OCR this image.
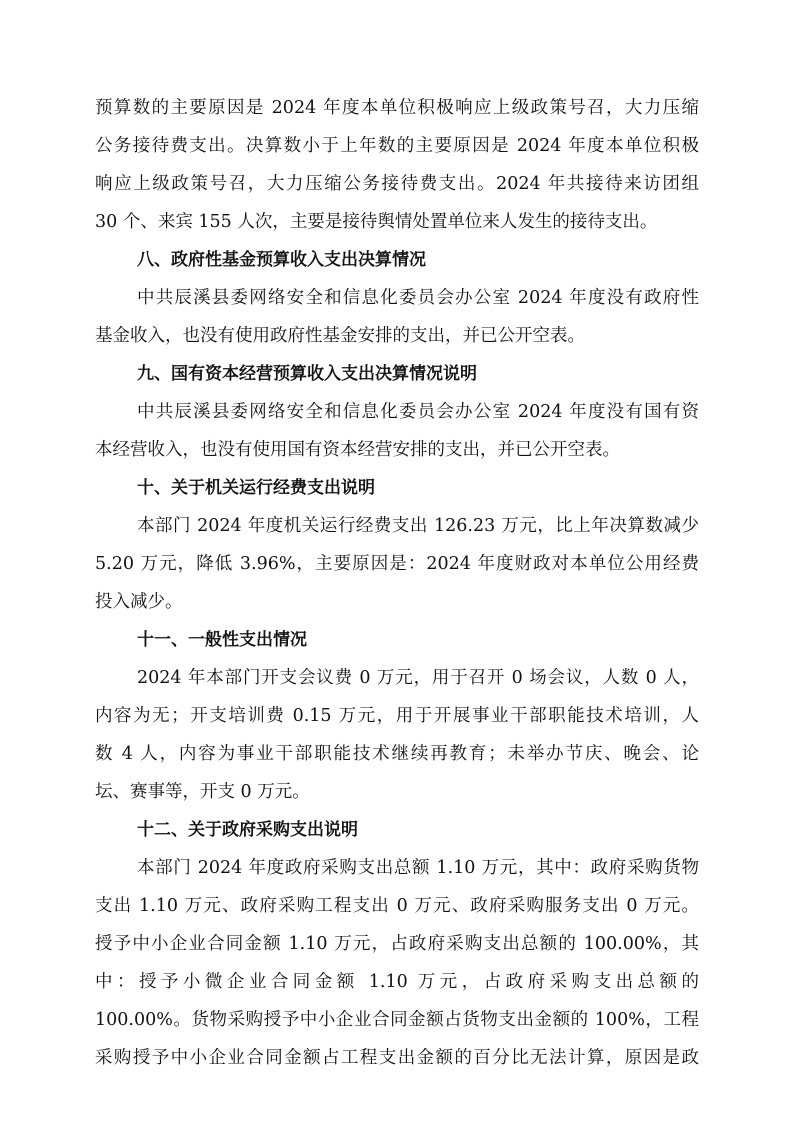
预算数的主要原因是 2024 年度本单位积极响应上级政策号召，大力压缩
公务接待费支出。决算数小于上年数的主要原因是 2024 年度本单位积极
响应上级政策号召，大力压缩公务接待费支出。2024 年共接待来访团组
30 个、来宾 155 人次，主要是接待舆情处置单位来人发生的接待支出。
八、政府性基金预算收入支出决算情况
中共辰溪县委网络安全和信息化委员会办公室 2024 年度没有政府性
基金收入，也没有使用政府性基金安排的支出，并已公开空表。
九、国有资本经营预算收入支出决算情况说明
中共辰溪县委网络安全和信息化委员会办公室 2024 年度没有国有资
本经营收入，也没有使用国有资本经营安排的支出，并已公开空表。
十、关于机关运行经费支出说明
本部门 2024 年度机关运行经费支出 126.23 万元，比上年决算数减少
5.20 万元，降低 3.96%，主要原因是：2024 年度财政对本单位公用经费
投入减少。
十一、一般性支出情况
2024 年本部门开支会议费 0 万元，用于召开 0 场会议，人数 0 人，
内容为无；开支培训费 0.15 万元，用于开展事业干部职能技术培训，人
数 4 人，内容为事业干部职能技术继续再教育；未举办节庆、晚会、论
坛、赛事等，开支 0 万元。
十二、关于政府采购支出说明
本部门 2024 年度政府采购支出总额 1.10 万元，其中：政府采购货物
支出 1.10 万元、政府采购工程支出 0 万元、政府采购服务支出 0 万元。
授予中小企业合同金额 1.10 万元，占政府采购支出总额的 100.00%，其
中：授予小微企业合同金额 1.10 万元，占政府采购支出总额的
100.00%。货物采购授予中小企业合同金额占货物支出金额的 100%，工程
采购授予中小企业合同金额占工程支出金额的百分比无法计算，原因是政
